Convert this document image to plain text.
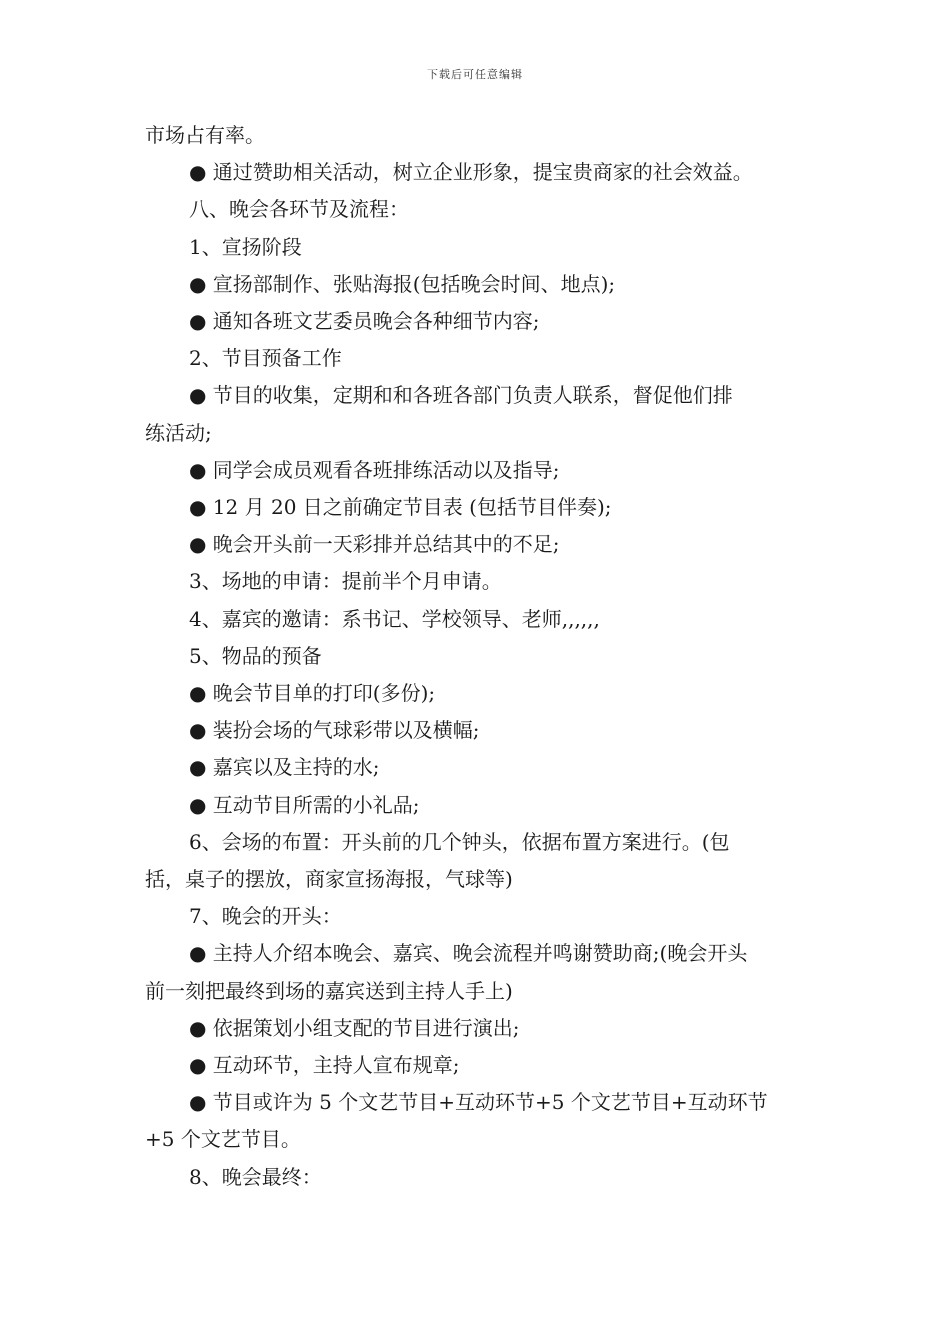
下载后可任意编辑

市场占有率。

● 通过赞助相关活动，树立企业形象，提宝贵商家的社会效益。

八、晚会各环节及流程：

1、宣扬阶段

● 宣扬部制作、张贴海报(包括晚会时间、地点);

● 通知各班文艺委员晚会各种细节内容;

2、节目预备工作

● 节目的收集，定期和和各班各部门负责人联系，督促他们排

练活动;

● 同学会成员观看各班排练活动以及指导;

● 12 月 20 日之前确定节目表 (包括节目伴奏);

● 晚会开头前一天彩排并总结其中的不足;

3、场地的申请：提前半个月申请。

4、嘉宾的邀请：系书记、学校领导、老师,,,,,,

5、物品的预备

● 晚会节目单的打印(多份);

● 装扮会场的气球彩带以及横幅;

● 嘉宾以及主持的水;

● 互动节目所需的小礼品;

6、会场的布置：开头前的几个钟头，依据布置方案进行。(包

括，桌子的摆放，商家宣扬海报，气球等)

7、晚会的开头：

● 主持人介绍本晚会、嘉宾、晚会流程并鸣谢赞助商;(晚会开头

前一刻把最终到场的嘉宾送到主持人手上)

● 依据策划小组支配的节目进行演出;

● 互动环节，主持人宣布规章;

● 节目或许为 5 个文艺节目+互动环节+5 个文艺节目+互动环节

+5 个文艺节目。

8、晚会最终：
